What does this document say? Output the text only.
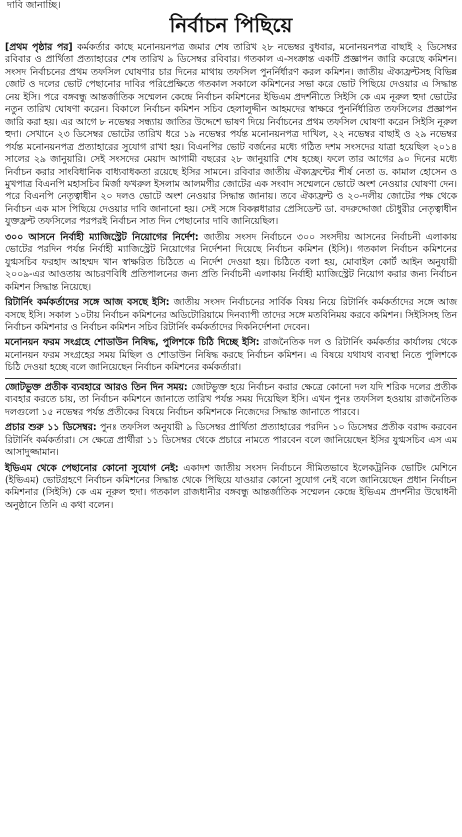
দাবি জানাচ্ছি।
নির্বাচন পিছিয়ে

[প্রথম পৃষ্ঠার পর] কর্মকর্তার কাছে মনোনয়নপত্র জমার শেষ তারিখ ২৮ নভেম্বর বুধবার, মনোনয়নপত্র বাছাই ২ ডিসেম্বর রবিবার ও প্রার্থিতা প্রত্যাহারের শেষ তারিখ ৯ ডিসেম্বর রবিবার। গতকাল এ-সংক্রান্ত একটি প্রজ্ঞাপন জারি করেছে কমিশন। সংসদ নির্বাচনের প্রথম তফসিল ঘোষণার চার দিনের মাথায় তফসিল পুনর্নির্ধারণ করল কমিশন। জাতীয় ঐক্যফ্রন্টসহ বিভিন্ন জোট ও দলের ভোট পেছানোর দাবির পরিপ্রেক্ষিতে গতকাল সকালে কমিশনের সভা করে ভোট পিছিয়ে দেওয়ার এ সিদ্ধান্ত নেয় ইসি। পরে বঙ্গবন্ধু আন্তর্জাতিক সম্মেলন কেন্দ্রে নির্বাচন কমিশনের ইভিএম প্রদর্শনীতে সিইসি কে এম নূরুল হুদা ভোটের নতুন তারিখ ঘোষণা করেন। বিকালে নির্বাচন কমিশন সচিব হেলালুদ্দীন আহমদের স্বাক্ষরে পুনর্নির্ধারিত তফসিলের প্রজ্ঞাপন জারি করা হয়। এর আগে ৮ নভেম্বর সন্ধ্যায় জাতির উদ্দেশে ভাষণ দিয়ে নির্বাচনের প্রথম তফসিল ঘোষণা করেন সিইসি নূরুল হুদা। সেখানে ২৩ ডিসেম্বর ভোটের তারিখ ধরে ১৯ নভেম্বর পর্যন্ত মনোনয়নপত্র দাখিল, ২২ নভেম্বর বাছাই ও ২৯ নভেম্বর পর্যন্ত মনোনয়নপত্র প্রত্যাহারের সুযোগ রাখা হয়। বিএনপির ভোট বর্জনের মধ্যে গঠিত দশম সংসদের যাত্রা হয়েছিল ২০১৪ সালের ২৯ জানুয়ারি। সেই সংসদের মেয়াদ আগামী বছরের ২৮ জানুয়ারি শেষ হচ্ছে। ফলে তার আগের ৯০ দিনের মধ্যে নির্বাচন করার সাংবিধানিক বাধ্যবাধকতা রয়েছে ইসির সামনে। রবিবার জাতীয় ঐক্যফ্রন্টের শীর্ষ নেতা ড. কামাল হোসেন ও মুখপাত্র বিএনপি মহাসচিব মির্জা ফখরুল ইসলাম আলমগীর জোটের এক সংবাদ সম্মেলনে ভোটে অংশ নেওয়ার ঘোষণা দেন। পরে বিএনপি নেতৃত্বাধীন ২০ দলও ভোটে অংশ নেওয়ার সিদ্ধান্ত জানায়। তবে ঐক্যফ্রন্ট ও ২০-দলীয় জোটের পক্ষ থেকে নির্বাচন এক মাস পিছিয়ে দেওয়ার দাবি জানানো হয়। সেই সঙ্গে বিকল্পধারার প্রেসিডেন্ট ডা. বদরুদ্দোজা চৌধুরীর নেতৃত্বাধীন যুক্তফ্রন্ট তফসিলের পরপরই নির্বাচন সাত দিন পেছানোর দাবি জানিয়েছিল।

৩০০ আসনে নির্বাহী ম্যাজিস্ট্রেট নিয়োগের নির্দেশ: জাতীয় সংসদ নির্বাচনে ৩০০ সংসদীয় আসনের নির্বাচনী এলাকায় ভোটের পরদিন পর্যন্ত নির্বাহী ম্যাজিস্ট্রেট নিয়োগের নির্দেশনা দিয়েছে নির্বাচন কমিশন (ইসি)। গতকাল নির্বাচন কমিশনের যুগ্মসচিব ফরহাদ আহম্মদ খান স্বাক্ষরিত চিঠিতে এ নির্দেশ দেওয়া হয়। চিঠিতে বলা হয়, মোবাইল কোর্ট আইন অনুযায়ী ২০০৯-এর আওতায় আচরণবিধি প্রতিপালনের জন্য প্রতি নির্বাচনী এলাকায় নির্বাহী ম্যাজিস্ট্রেট নিয়োগ করার জন্য নির্বাচন কমিশন সিদ্ধান্ত নিয়েছে।

রিটার্নিং কর্মকর্তাদের সঙ্গে আজ বসছে ইসি: জাতীয় সংসদ নির্বাচনের সার্বিক বিষয় নিয়ে রিটার্নিং কর্মকর্তাদের সঙ্গে আজ বসছে ইসি। সকাল ১০টায় নির্বাচন কমিশনের অডিটোরিয়ামে দিনব্যাপী তাদের সঙ্গে মতবিনিময় করবে কমিশন। সিইসিসহ তিন নির্বাচন কমিশনার ও নির্বাচন কমিশন সচিব রিটার্নিং কর্মকর্তাদের দিকনির্দেশনা দেবেন।

মনোনয়ন ফরম সংগ্রহে শোডাউন নিষিদ্ধ, পুলিশকে চিঠি দিচ্ছে ইসি: রাজনৈতিক দল ও রিটার্নিং কর্মকর্তার কার্যালয় থেকে মনোনয়ন ফরম সংগ্রহের সময় মিছিল ও শোডাউন নিষিদ্ধ করছে নির্বাচন কমিশন। এ বিষয়ে যথাযথ ব্যবস্থা নিতে পুলিশকে চিঠি দেওয়া হচ্ছে বলে জানিয়েছেন নির্বাচন কমিশনের কর্মকর্তারা।

জোটভুক্ত প্রতীক ব্যবহারে আরও তিন দিন সময়: জোটভুক্ত হয়ে নির্বাচন করার ক্ষেত্রে কোনো দল যদি শরিক দলের প্রতীক ব্যবহার করতে চায়, তা নির্বাচন কমিশনে জানাতে তারিখ পর্যন্ত সময় দিয়েছিল ইসি। এখন পুনঃ তফসিল হওয়ায় রাজনৈতিক দলগুলো ১৫ নভেম্বর পর্যন্ত প্রতীকের বিষয়ে নির্বাচন কমিশনকে নিজেদের সিদ্ধান্ত জানাতে পারবে।

প্রচার শুরু ১১ ডিসেম্বর: পুনঃ তফসিল অনুযায়ী ৯ ডিসেম্বর প্রার্থিতা প্রত্যাহারের পরদিন ১০ ডিসেম্বর প্রতীক বরাদ্দ করবেন রিটার্নিং কর্মকর্তারা। সে ক্ষেত্রে প্রার্থীরা ১১ ডিসেম্বর থেকে প্রচারে নামতে পারবেন বলে জানিয়েছেন ইসির যুগ্মসচিব এস এম আসাদুজ্জামান।

ইভিএম থেকে পেছানোর কোনো সুযোগ নেই: একাদশ জাতীয় সংসদ নির্বাচনে সীমিতভাবে ইলেকট্রনিক ভোটিং মেশিনে (ইভিএম) ভোটগ্রহণে নির্বাচন কমিশনের সিদ্ধান্ত থেকে পিছিয়ে যাওয়ার কোনো সুযোগ নেই বলে জানিয়েছেন প্রধান নির্বাচন কমিশনার (সিইসি) কে এম নূরুল হুদা। গতকাল রাজধানীর বঙ্গবন্ধু আন্তর্জাতিক সম্মেলন কেন্দ্রে ইভিএম প্রদর্শনীর উদ্বোধনী অনুষ্ঠানে তিনি এ কথা বলেন।
